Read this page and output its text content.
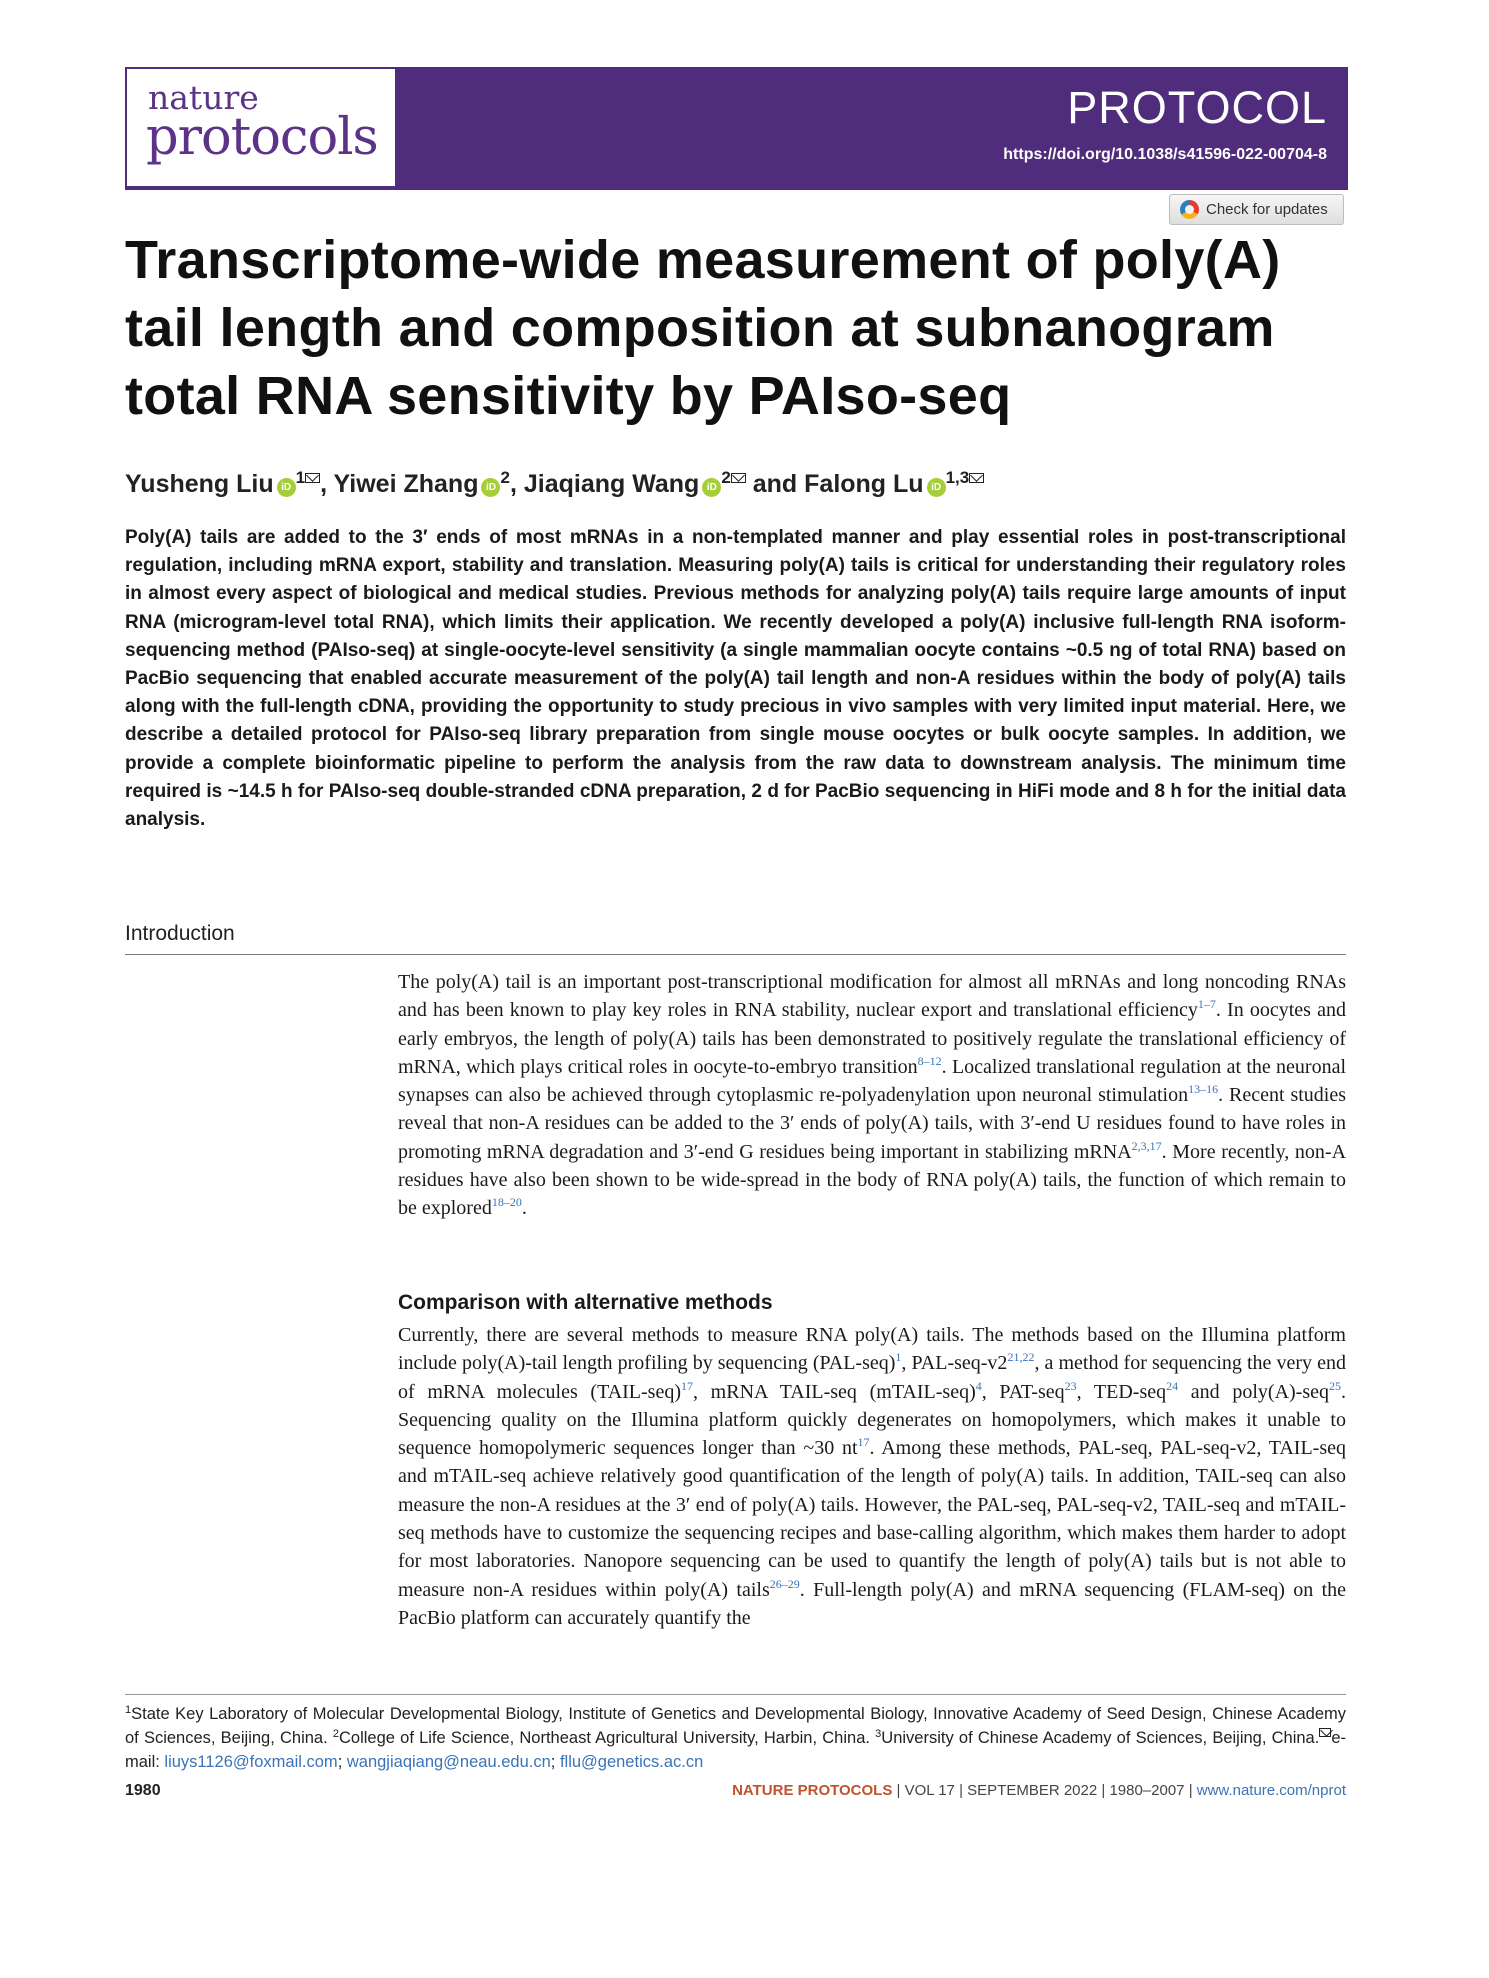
nature
protocols
PROTOCOL
https://doi.org/10.1038/s41596-022-00704-8
Check for updates
Transcriptome-wide measurement of poly(A) tail length and composition at subnanogram total RNA sensitivity by PAIso-seq
Yusheng Liu iD$^1$ , Yiwei Zhang iD$^2$, Jiaqiang Wang iD$^2$ and Falong Lu iD$^{1,3}$
Poly(A) tails are added to the 3′ ends of most mRNAs in a non-templated manner and play essential roles in post-transcriptional regulation, including mRNA export, stability and translation. Measuring poly(A) tails is critical for understanding their regulatory roles in almost every aspect of biological and medical studies. Previous methods for analyzing poly(A) tails require large amounts of input RNA (microgram-level total RNA), which limits their application. We recently developed a poly(A) inclusive full-length RNA isoform-sequencing method (PAIso-seq) at single-oocyte-level sensitivity (a single mammalian oocyte contains ~0.5 ng of total RNA) based on PacBio sequencing that enabled accurate measurement of the poly(A) tail length and non-A residues within the body of poly(A) tails along with the full-length cDNA, providing the opportunity to study precious in vivo samples with very limited input material. Here, we describe a detailed protocol for PAIso-seq library preparation from single mouse oocytes or bulk oocyte samples. In addition, we provide a complete bioinformatic pipeline to perform the analysis from the raw data to downstream analysis. The minimum time required is ~14.5 h for PAIso-seq double-stranded cDNA preparation, 2 d for PacBio sequencing in HiFi mode and 8 h for the initial data analysis.
Introduction
The poly(A) tail is an important post-transcriptional modification for almost all mRNAs and long noncoding RNAs and has been known to play key roles in RNA stability, nuclear export and translational efficiency$^{1-7}$. In oocytes and early embryos, the length of poly(A) tails has been demonstrated to positively regulate the translational efficiency of mRNA, which plays critical roles in oocyte-to-embryo transition$^{8-12}$. Localized translational regulation at the neuronal synapses can also be achieved through cytoplasmic re-polyadenylation upon neuronal stimulation$^{13-16}$. Recent studies reveal that non-A residues can be added to the 3′ ends of poly(A) tails, with 3′-end U residues found to have roles in promoting mRNA degradation and 3′-end G residues being important in stabilizing mRNA$^{2,3,17}$. More recently, non-A residues have also been shown to be wide-spread in the body of RNA poly(A) tails, the function of which remain to be explored$^{18-20}$.
Comparison with alternative methods
Currently, there are several methods to measure RNA poly(A) tails. The methods based on the Illumina platform include poly(A)-tail length profiling by sequencing (PAL-seq)$^1$, PAL-seq-v2$^{21,22}$, a method for sequencing the very end of mRNA molecules (TAIL-seq)$^{17}$, mRNA TAIL-seq (mTAIL-seq)$^4$, PAT-seq$^{23}$, TED-seq$^{24}$ and poly(A)-seq$^{25}$. Sequencing quality on the Illumina platform quickly degenerates on homopolymers, which makes it unable to sequence homopolymeric sequences longer than ~30 nt$^{17}$. Among these methods, PAL-seq, PAL-seq-v2, TAIL-seq and mTAIL-seq achieve relatively good quantification of the length of poly(A) tails. In addition, TAIL-seq can also measure the non-A residues at the 3′ end of poly(A) tails. However, the PAL-seq, PAL-seq-v2, TAIL-seq and mTAIL-seq methods have to customize the sequencing recipes and base-calling algorithm, which makes them harder to adopt for most laboratories. Nanopore sequencing can be used to quantify the length of poly(A) tails but is not able to measure non-A residues within poly(A) tails$^{26-29}$. Full-length poly(A) and mRNA sequencing (FLAM-seq) on the PacBio platform can accurately quantify the
$^1$State Key Laboratory of Molecular Developmental Biology, Institute of Genetics and Developmental Biology, Innovative Academy of Seed Design, Chinese Academy of Sciences, Beijing, China. $^2$College of Life Science, Northeast Agricultural University, Harbin, China. $^3$University of Chinese Academy of Sciences, Beijing, China. e-mail: liuys1126@foxmail.com; wangjiaqiang@neau.edu.cn; fllu@genetics.ac.cn
1980	NATURE PROTOCOLS | VOL 17 | SEPTEMBER 2022 | 1980–2007 | www.nature.com/nprot
